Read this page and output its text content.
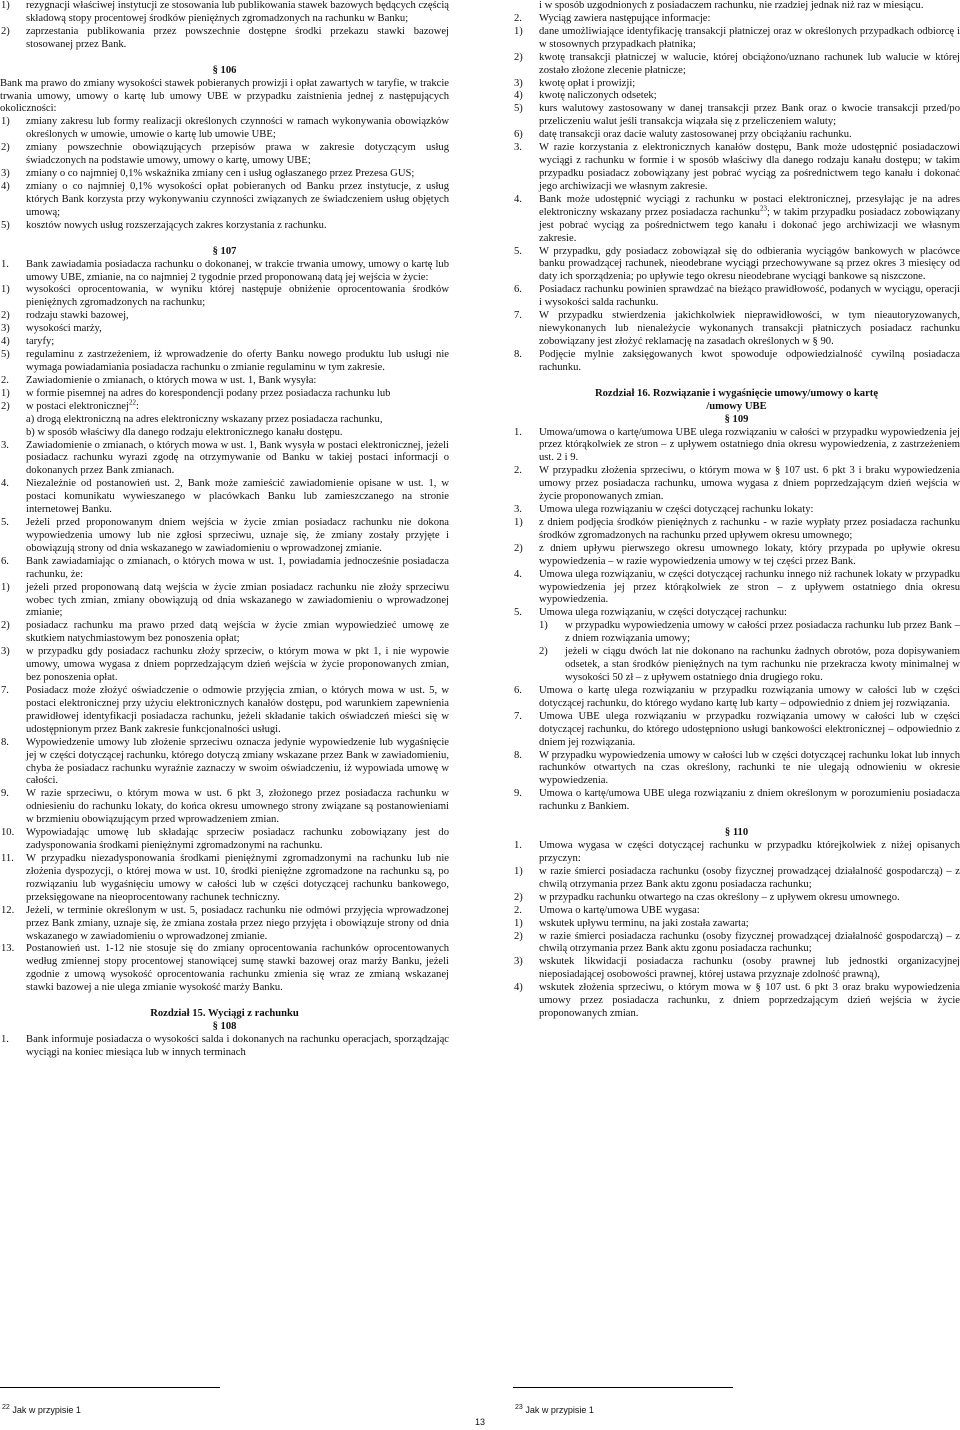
1) rezygnacji właściwej instytucji ze stosowania lub publikowania stawek bazowych będących częścią składową stopy procentowej środków pieniężnych zgromadzonych na rachunku w Banku;
2) zaprzestania publikowania przez powszechnie dostępne środki przekazu stawki bazowej stosowanej przez Bank.

§ 106

Bank ma prawo do zmiany wysokości stawek pobieranych prowizji i opłat zawartych w taryfie, w trakcie trwania umowy, umowy o kartę lub umowy UBE w przypadku zaistnienia jednej z następujących okoliczności:

1) zmiany zakresu lub formy realizacji określonych czynności w ramach wykonywania obowiązków określonych w umowie, umowie o kartę lub umowie UBE;
2) zmiany powszechnie obowiązujących przepisów prawa w zakresie dotyczącym usług świadczonych na podstawie umowy, umowy o kartę, umowy UBE;
3) zmiany o co najmniej 0,1% wskaźnika zmiany cen i usług ogłaszanego przez Prezesa GUS;
4) zmiany o co najmniej 0,1% wysokości opłat pobieranych od Banku przez instytucje, z usług których Bank korzysta przy wykonywaniu czynności związanych ze świadczeniem usług objętych umową;
5) kosztów nowych usług rozszerzających zakres korzystania z rachunku.

§ 107

1. Bank zawiadamia posiadacza rachunku o dokonanej, w trakcie trwania umowy, umowy o kartę lub umowy UBE, zmianie, na co najmniej 2 tygodnie przed proponowaną datą jej wejścia w życie:
1) wysokości oprocentowania, w wyniku której następuje obniżenie oprocentowania środków pieniężnych zgromadzonych na rachunku;
2) rodzaju stawki bazowej,
3) wysokości marży,
4) taryfy;
5) regulaminu z zastrzeżeniem, iż wprowadzenie do oferty Banku nowego produktu lub usługi nie wymaga powiadamiania posiadacza rachunku o zmianie regulaminu w tym zakresie.
2. Zawiadomienie o zmianach, o których mowa w ust. 1, Bank wysyła:
1) w formie pisemnej na adres do korespondencji podany przez posiadacza rachunku lub
2) w postaci elektronicznej$^{22}$:
a) drogą elektroniczną na adres elektroniczny wskazany przez posiadacza rachunku,
b) w sposób właściwy dla danego rodzaju elektronicznego kanału dostępu.
3. Zawiadomienie o zmianach, o których mowa w ust. 1, Bank wysyła w postaci elektronicznej, jeżeli posiadacz rachunku wyrazi zgodę na otrzymywanie od Banku w takiej postaci informacji o dokonanych przez Bank zmianach.
4. Niezależnie od postanowień ust. 2, Bank może zamieścić zawiadomienie opisane w ust. 1, w postaci komunikatu wywieszanego w placówkach Banku lub zamieszczanego na stronie internetowej Banku.
5. Jeżeli przed proponowanym dniem wejścia w życie zmian posiadacz rachunku nie dokona wypowiedzenia umowy lub nie zgłosi sprzeciwu, uznaje się, że zmiany zostały przyjęte i obowiązują strony od dnia wskazanego w zawiadomieniu o wprowadzonej zmianie.
6. Bank zawiadamiając o zmianach, o których mowa w ust. 1, powiadamia jednocześnie posiadacza rachunku, że:
1) jeżeli przed proponowaną datą wejścia w życie zmian posiadacz rachunku nie złoży sprzeciwu wobec tych zmian, zmiany obowiązują od dnia wskazanego w zawiadomieniu o wprowadzonej zmianie;
2) posiadacz rachunku ma prawo przed datą wejścia w życie zmian wypowiedzieć umowę ze skutkiem natychmiastowym bez ponoszenia opłat;
3) w przypadku gdy posiadacz rachunku złoży sprzeciw, o którym mowa w pkt 1, i nie wypowie umowy, umowa wygasa z dniem poprzedzającym dzień wejścia w życie proponowanych zmian, bez ponoszenia opłat.
7. Posiadacz może złożyć oświadczenie o odmowie przyjęcia zmian, o których mowa w ust. 5, w postaci elektronicznej przy użyciu elektronicznych kanałów dostępu, pod warunkiem zapewnienia prawidłowej identyfikacji posiadacza rachunku, jeżeli składanie takich oświadczeń mieści się w udostępnionym przez Bank zakresie funkcjonalności usługi.
8. Wypowiedzenie umowy lub złożenie sprzeciwu oznacza jedynie wypowiedzenie lub wygaśnięcie jej w części dotyczącej rachunku, którego dotyczą zmiany wskazane przez Bank w zawiadomieniu, chyba że posiadacz rachunku wyraźnie zaznaczy w swoim oświadczeniu, iż wypowiada umowę w całości.
9. W razie sprzeciwu, o którym mowa w ust. 6 pkt 3, złożonego przez posiadacza rachunku w odniesieniu do rachunku lokaty, do końca okresu umownego strony związane są postanowieniami w brzmieniu obowiązującym przed wprowadzeniem zmian.
10. Wypowiadając umowę lub składając sprzeciw posiadacz rachunku zobowiązany jest do zadysponowania środkami pieniężnymi zgromadzonymi na rachunku.
11. W przypadku niezadysponowania środkami pieniężnymi zgromadzonymi na rachunku lub nie złożenia dyspozycji, o której mowa w ust. 10, środki pieniężne zgromadzone na rachunku są, po rozwiązaniu lub wygaśnięciu umowy w całości lub w części dotyczącej rachunku bankowego, przeksięgowane na nieoprocentowany rachunek techniczny.
12. Jeżeli, w terminie określonym w ust. 5, posiadacz rachunku nie odmówi przyjęcia wprowadzonej przez Bank zmiany, uznaje się, że zmiana została przez niego przyjęta i obowiązuje strony od dnia wskazanego w zawiadomieniu o wprowadzonej zmianie.
13. Postanowień ust. 1-12 nie stosuje się do zmiany oprocentowania rachunków oprocentowanych według zmiennej stopy procentowej stanowiącej sumę stawki bazowej oraz marży Banku, jeżeli zgodnie z umową wysokość oprocentowania rachunku zmienia się wraz ze zmianą wskazanej stawki bazowej a nie ulega zmianie wysokość marży Banku.

Rozdział 15. Wyciągi z rachunku

§ 108

1. Bank informuje posiadacza o wysokości salda i dokonanych na rachunku operacjach, sporządzając wyciągi na koniec miesiąca lub w innych terminach

i w sposób uzgodnionych z posiadaczem rachunku, nie rzadziej jednak niż raz w miesiącu.

2. Wyciąg zawiera następujące informacje:
1) dane umożliwiające identyfikację transakcji płatniczej oraz w określonych przypadkach odbiorcę i w stosownych przypadkach płatnika;
2) kwotę transakcji płatniczej w walucie, której obciążono/uznano rachunek lub walucie w której zostało złożone zlecenie płatnicze;
3) kwotę opłat i prowizji;
4) kwotę naliczonych odsetek;
5) kurs walutowy zastosowany w danej transakcji przez Bank oraz o kwocie transakcji przed/po przeliczeniu walut jeśli transakcja wiązała się z przeliczeniem waluty;
6) datę transakcji oraz dacie waluty zastosowanej przy obciążaniu rachunku.
3. W razie korzystania z elektronicznych kanałów dostępu, Bank może udostępnić posiadaczowi wyciągi z rachunku w formie i w sposób właściwy dla danego rodzaju kanału dostępu; w takim przypadku posiadacz zobowiązany jest pobrać wyciąg za pośrednictwem tego kanału i dokonać jego archiwizacji we własnym zakresie.
4. Bank może udostępnić wyciągi z rachunku w postaci elektronicznej, przesyłając je na adres elektroniczny wskazany przez posiadacza rachunku$^{23}$; w takim przypadku posiadacz zobowiązany jest pobrać wyciąg za pośrednictwem tego kanału i dokonać jego archiwizacji we własnym zakresie.
5. W przypadku, gdy posiadacz zobowiązał się do odbierania wyciągów bankowych w placówce banku prowadzącej rachunek, nieodebrane wyciągi przechowywane są przez okres 3 miesięcy od daty ich sporządzenia; po upływie tego okresu nieodebrane wyciągi bankowe są niszczone.
6. Posiadacz rachunku powinien sprawdzać na bieżąco prawidłowość, podanych w wyciągu, operacji i wysokości salda rachunku.
7. W przypadku stwierdzenia jakichkolwiek nieprawidłowości, w tym nieautoryzowanych, niewykonanych lub nienależycie wykonanych transakcji płatniczych posiadacz rachunku zobowiązany jest złożyć reklamację na zasadach określonych w § 90.
8. Podjęcie mylnie zaksięgowanych kwot spowoduje odpowiedzialność cywilną posiadacza rachunku.

Rozdział 16. Rozwiązanie i wygaśnięcie umowy/umowy o kartę

/umowy UBE

§ 109

1. Umowa/umowa o kartę/umowa UBE ulega rozwiązaniu w całości w przypadku wypowiedzenia jej przez którąkolwiek ze stron – z upływem ostatniego dnia okresu wypowiedzenia, z zastrzeżeniem ust. 2 i 9.
2. W przypadku złożenia sprzeciwu, o którym mowa w § 107 ust. 6 pkt 3 i braku wypowiedzenia umowy przez posiadacza rachunku, umowa wygasa z dniem poprzedzającym dzień wejścia w życie proponowanych zmian.
3. Umowa ulega rozwiązaniu w części dotyczącej rachunku lokaty:
1) z dniem podjęcia środków pieniężnych z rachunku - w razie wypłaty przez posiadacza rachunku środków zgromadzonych na rachunku przed upływem okresu umownego;
2) z dniem upływu pierwszego okresu umownego lokaty, który przypada po upływie okresu wypowiedzenia – w razie wypowiedzenia umowy w tej części przez Bank.
4. Umowa ulega rozwiązaniu, w części dotyczącej rachunku innego niż rachunek lokaty w przypadku wypowiedzenia jej przez którąkolwiek ze stron – z upływem ostatniego dnia okresu wypowiedzenia.
5. Umowa ulega rozwiązaniu, w części dotyczącej rachunku:
1) w przypadku wypowiedzenia umowy w całości przez posiadacza rachunku lub przez Bank – z dniem rozwiązania umowy;
2) jeżeli w ciągu dwóch lat nie dokonano na rachunku żadnych obrotów, poza dopisywaniem odsetek, a stan środków pieniężnych na tym rachunku nie przekracza kwoty minimalnej w wysokości 50 zł – z upływem ostatniego dnia drugiego roku.
6. Umowa o kartę ulega rozwiązaniu w przypadku rozwiązania umowy w całości lub w części dotyczącej rachunku, do którego wydano kartę lub karty – odpowiednio z dniem jej rozwiązania.
7. Umowa UBE ulega rozwiązaniu w przypadku rozwiązania umowy w całości lub w części dotyczącej rachunku, do którego udostępniono usługi bankowości elektronicznej – odpowiednio z dniem jej rozwiązania.
8. W przypadku wypowiedzenia umowy w całości lub w części dotyczącej rachunku lokat lub innych rachunków otwartych na czas określony, rachunki te nie ulegają odnowieniu w okresie wypowiedzenia.
9. Umowa o kartę/umowa UBE ulega rozwiązaniu z dniem określonym w porozumieniu posiadacza rachunku z Bankiem.

§ 110

1. Umowa wygasa w części dotyczącej rachunku w przypadku którejkolwiek z niżej opisanych przyczyn:
1) w razie śmierci posiadacza rachunku (osoby fizycznej prowadzącej działalność gospodarczą) – z chwilą otrzymania przez Bank aktu zgonu posiadacza rachunku;
2) w przypadku rachunku otwartego na czas określony – z upływem okresu umownego.
2. Umowa o kartę/umowa UBE wygasa:
1) wskutek upływu terminu, na jaki została zawarta;
2) w razie śmierci posiadacza rachunku (osoby fizycznej prowadzącej działalność gospodarczą) – z chwilą otrzymania przez Bank aktu zgonu posiadacza rachunku;
3) wskutek likwidacji posiadacza rachunku (osoby prawnej lub jednostki organizacyjnej nieposiadającej osobowości prawnej, której ustawa przyznaje zdolność prawną),
4) wskutek złożenia sprzeciwu, o którym mowa w § 107 ust. 6 pkt 3 oraz braku wypowiedzenia umowy przez posiadacza rachunku, z dniem poprzedzającym dzień wejścia w życie proponowanych zmian.
$^{22}$ Jak w przypisie 1	$^{23}$ Jak w przypisie 1
13
